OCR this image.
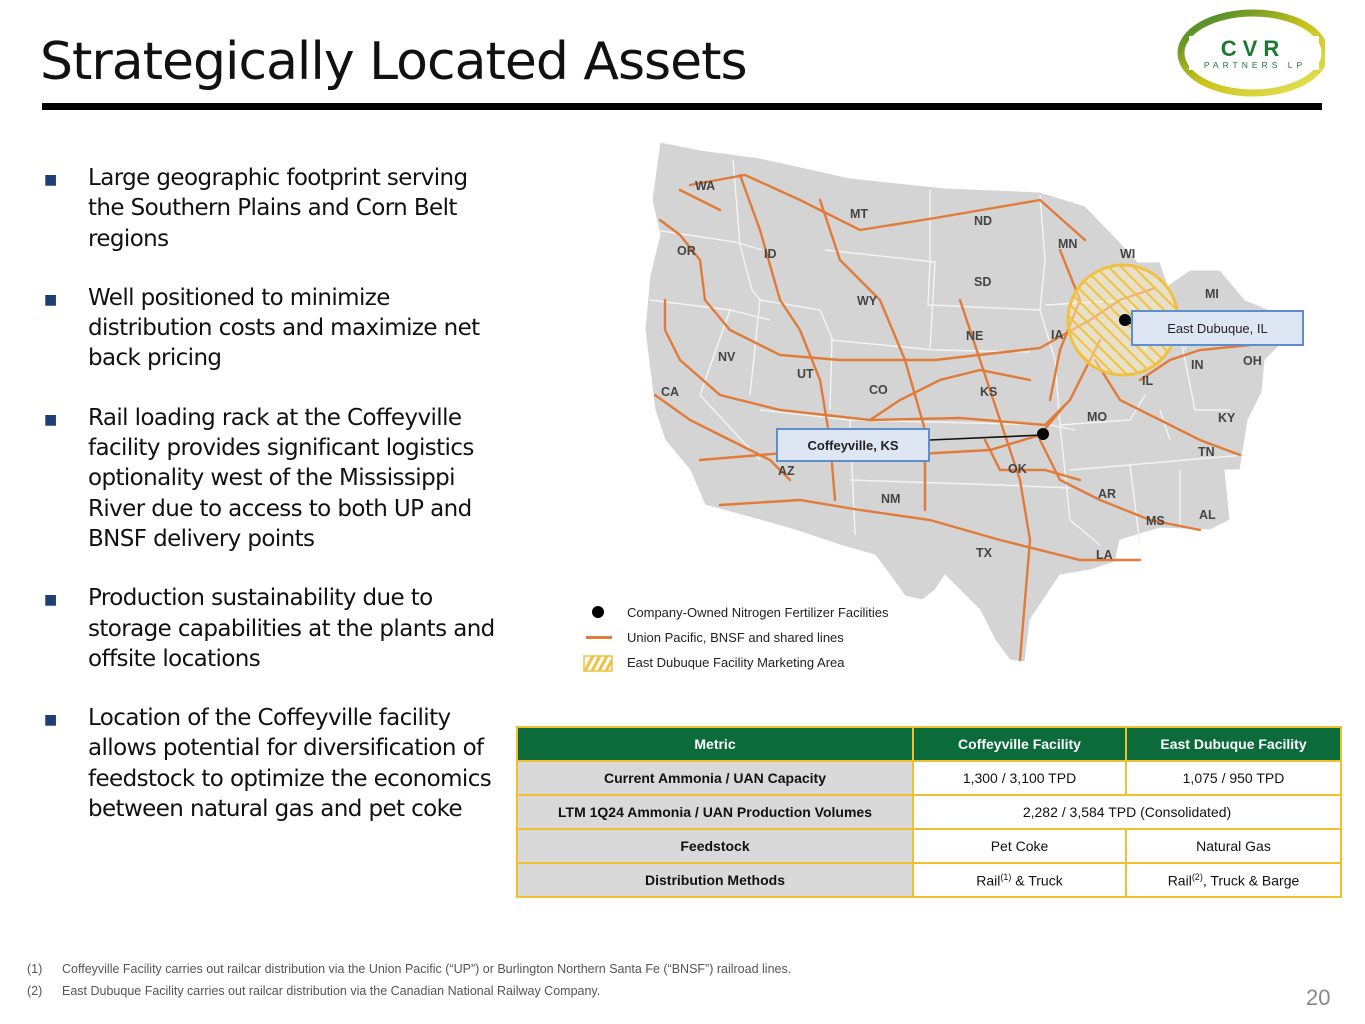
Strategically Located Assets	CVR
PARTNERS LP
■ Large geographic footprint serving the Southern Plains and Corn Belt regions
■ Well positioned to minimize distribution costs and maximize net back pricing
■ Rail loading rack at the Coffeyville facility provides significant logistics optionality west of the Mississippi River due to access to both UP and BNSF delivery points
■ Production sustainability due to storage capabilities at the plants and offsite locations
■ Location of the Coffeyville facility allows potential for diversification of feedstock to optimize the economics between natural gas and pet coke
WA
OR
CA
ID
NV
MT
WY
UT
AZ
CO
NM
ND
SD
NE
KS
OK
TX
MN
IA
MO
AR
LA
WI
IL
MI
IN	OH
KY
TN
MS	AL
Coffeyville, KS
East Dubuque, IL
Company-Owned Nitrogen Fertilizer Facilities
Union Pacific, BNSF and shared lines
East Dubuque Facility Marketing Area
Metric	Coffeyville Facility	East Dubuque Facility
Current Ammonia / UAN Capacity	1,300 / 3,100 TPD	1,075 / 950 TPD
LTM 1Q24 Ammonia / UAN Production Volumes	2,282 / 3,584 TPD (Consolidated)	
Feedstock	Pet Coke	Natural Gas
Distribution Methods	Rail$^{(1)}$ & Truck	Rail$^{(2)}$, Truck & Barge
(1) Coffeyville Facility carries out railcar distribution via the Union Pacific (“UP”) or Burlington Northern Santa Fe (“BNSF”) railroad lines.
(2) East Dubuque Facility carries out railcar distribution via the Canadian National Railway Company.	20
